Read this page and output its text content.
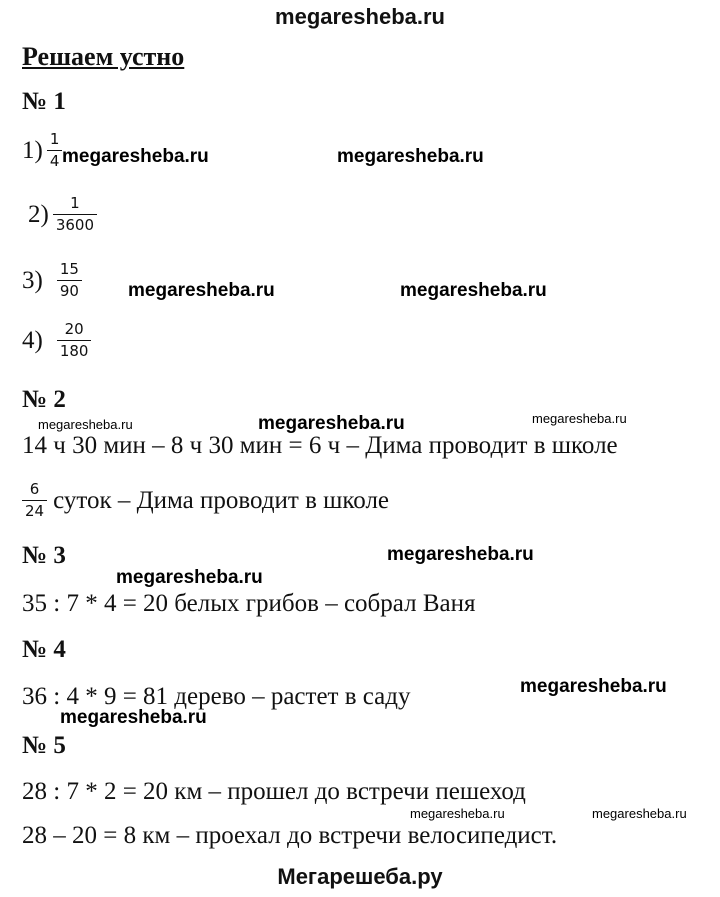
megaresheba.ru
Решаем устно
№ 1
$1) \frac{1}{4}$
$2) \frac{1}{3600}$
$3) \frac{15}{90}$
$4) \frac{20}{180}$
№ 2
14 ч 30 мин – 8 ч 30 мин = 6 ч – Дима проводит в школе
$\frac{6}{24}$ суток – Дима проводит в школе
№ 3
35 : 7 * 4 = 20 белых грибов – собрал Ваня
№ 4
36 : 4 * 9 = 81 дерево – растет в саду
№ 5
28 : 7 * 2 = 20 км – прошел до встречи пешеход
28 – 20 = 8 км – проехал до встречи велосипедист.
megaresheba.ru	megaresheba.ru
megaresheba.ru	megaresheba.ru
megaresheba.ru	megaresheba.ru	megaresheba.ru
megaresheba.ru
megaresheba.ru
megaresheba.ru
megaresheba.ru
megaresheba.ru	megaresheba.ru
Мегарешеба.ру
